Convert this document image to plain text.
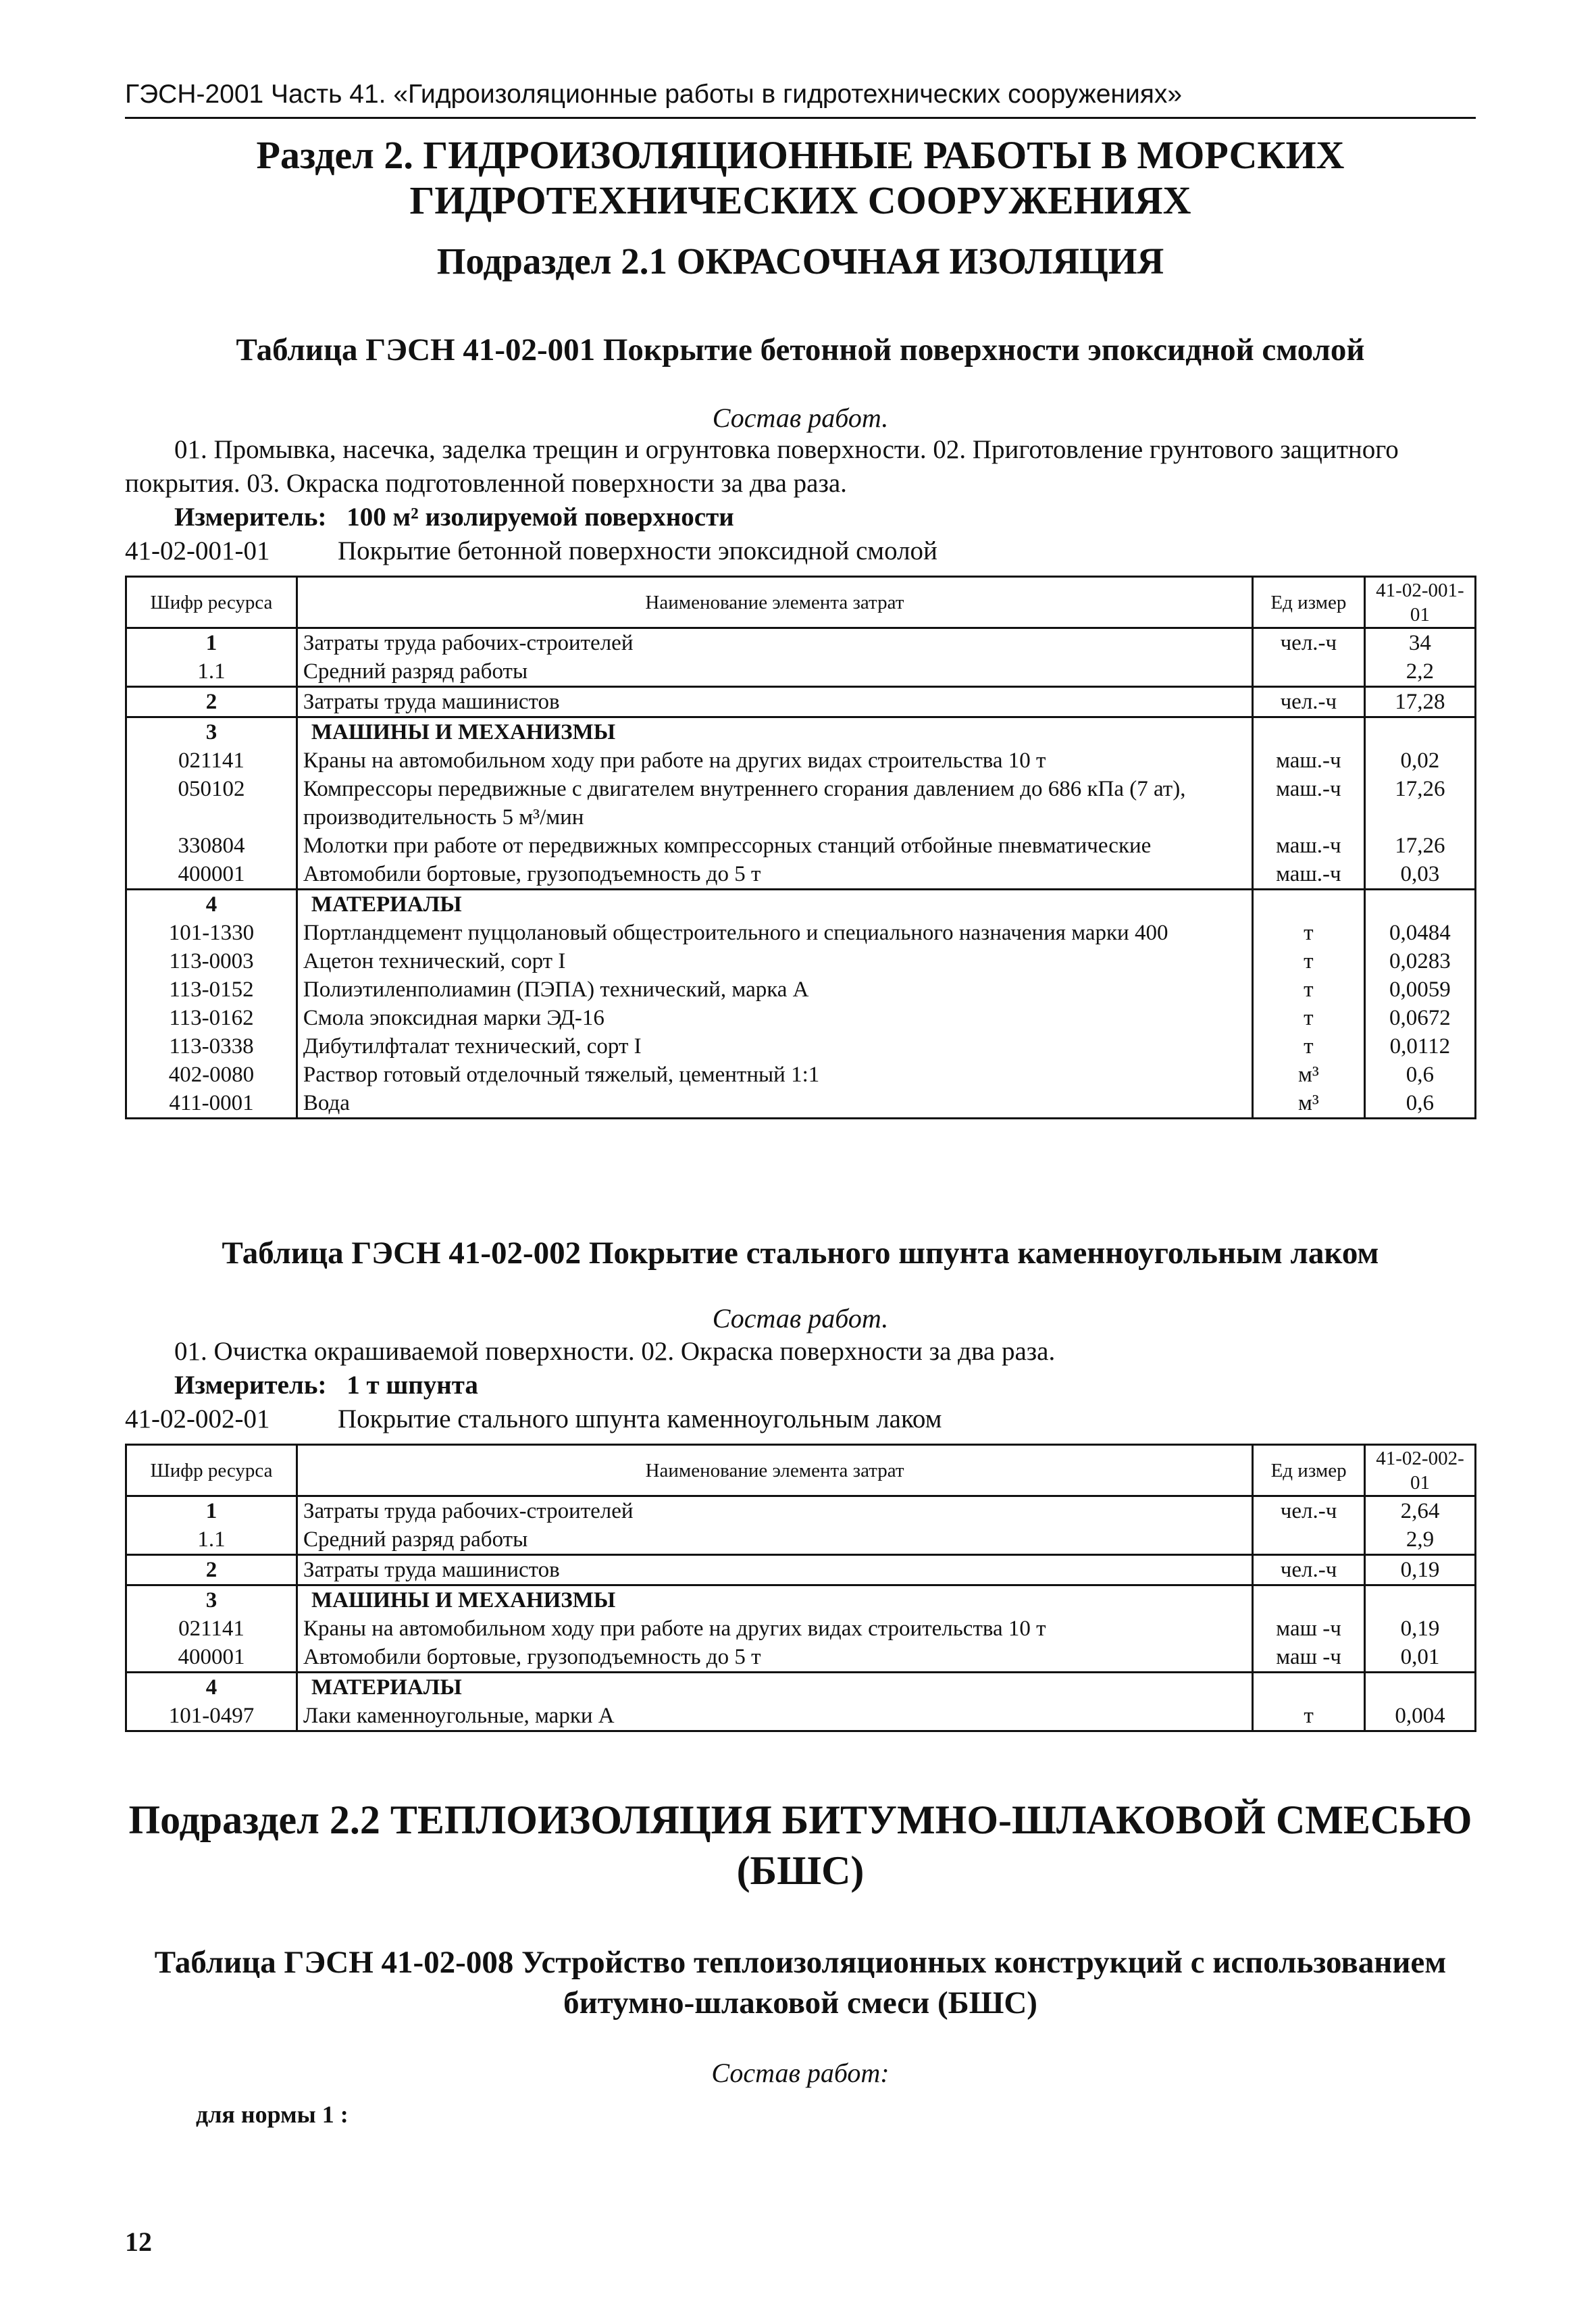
ГЭСН-2001 Часть 41. «Гидроизоляционные работы в гидротехнических сооружениях»
Раздел 2. ГИДРОИЗОЛЯЦИОННЫЕ РАБОТЫ В МОРСКИХ
ГИДРОТЕХНИЧЕСКИХ СООРУЖЕНИЯХ
Подраздел 2.1 ОКРАСОЧНАЯ ИЗОЛЯЦИЯ
Таблица ГЭСН 41-02-001 Покрытие бетонной поверхности эпоксидной смолой
Состав работ.
01. Промывка, насечка, заделка трещин и огрунтовка поверхности. 02. Приготовление грунтового защитного
покрытия. 03. Окраска подготовленной поверхности за два раза.
Измеритель: 100 м² изолируемой поверхности
41-02-001-01	Покрытие бетонной поверхности эпоксидной смолой
Шифр ресурса	Наименование элемента затрат	Ед измер	41-02-001-01
1	Затраты труда рабочих-строителей	чел.-ч	34
1.1	Средний разряд работы		2,2
2	Затраты труда машинистов	чел.-ч	17,28
3	МАШИНЫ И МЕХАНИЗМЫ		
021141	Краны на автомобильном ходу при работе на других видах строительства 10 т	маш.-ч	0,02
050102	Компрессоры передвижные с двигателем внутреннего сгорания давлением до 686 кПа (7 ат), производительность 5 м³/мин	маш.-ч	17,26
330804	Молотки при работе от передвижных компрессорных станций отбойные пневматические	маш.-ч	17,26
400001	Автомобили бортовые, грузоподъемность до 5 т	маш.-ч	0,03
4	МАТЕРИАЛЫ		
101-1330	Портландцемент пуццолановый общестроительного и специального назначения марки 400	т	0,0484
113-0003	Ацетон технический, сорт I	т	0,0283
113-0152	Полиэтиленполиамин (ПЭПА) технический, марка А	т	0,0059
113-0162	Смола эпоксидная марки ЭД-16	т	0,0672
113-0338	Дибутилфталат технический, сорт I	т	0,0112
402-0080	Раствор готовый отделочный тяжелый, цементный 1:1	м³	0,6
411-0001	Вода	м³	0,6
Таблица ГЭСН 41-02-002 Покрытие стального шпунта каменноугольным лаком
Состав работ.
01. Очистка окрашиваемой поверхности. 02. Окраска поверхности за два раза.
Измеритель: 1 т шпунта
41-02-002-01	Покрытие стального шпунта каменноугольным лаком
Шифр ресурса	Наименование элемента затрат	Ед измер	41-02-002-01
1	Затраты труда рабочих-строителей	чел.-ч	2,64
1.1	Средний разряд работы		2,9
2	Затраты труда машинистов	чел.-ч	0,19
3	МАШИНЫ И МЕХАНИЗМЫ		
021141	Краны на автомобильном ходу при работе на других видах строительства 10 т	маш -ч	0,19
400001	Автомобили бортовые, грузоподъемность до 5 т	маш -ч	0,01
4	МАТЕРИАЛЫ		
101-0497	Лаки каменноугольные, марки А	т	0,004
Подраздел 2.2 ТЕПЛОИЗОЛЯЦИЯ БИТУМНО-ШЛАКОВОЙ СМЕСЬЮ
(БШС)
Таблица ГЭСН 41-02-008 Устройство теплоизоляционных конструкций с использованием
битумно-шлаковой смеси (БШС)
Состав работ:
для нормы 1 :
12
